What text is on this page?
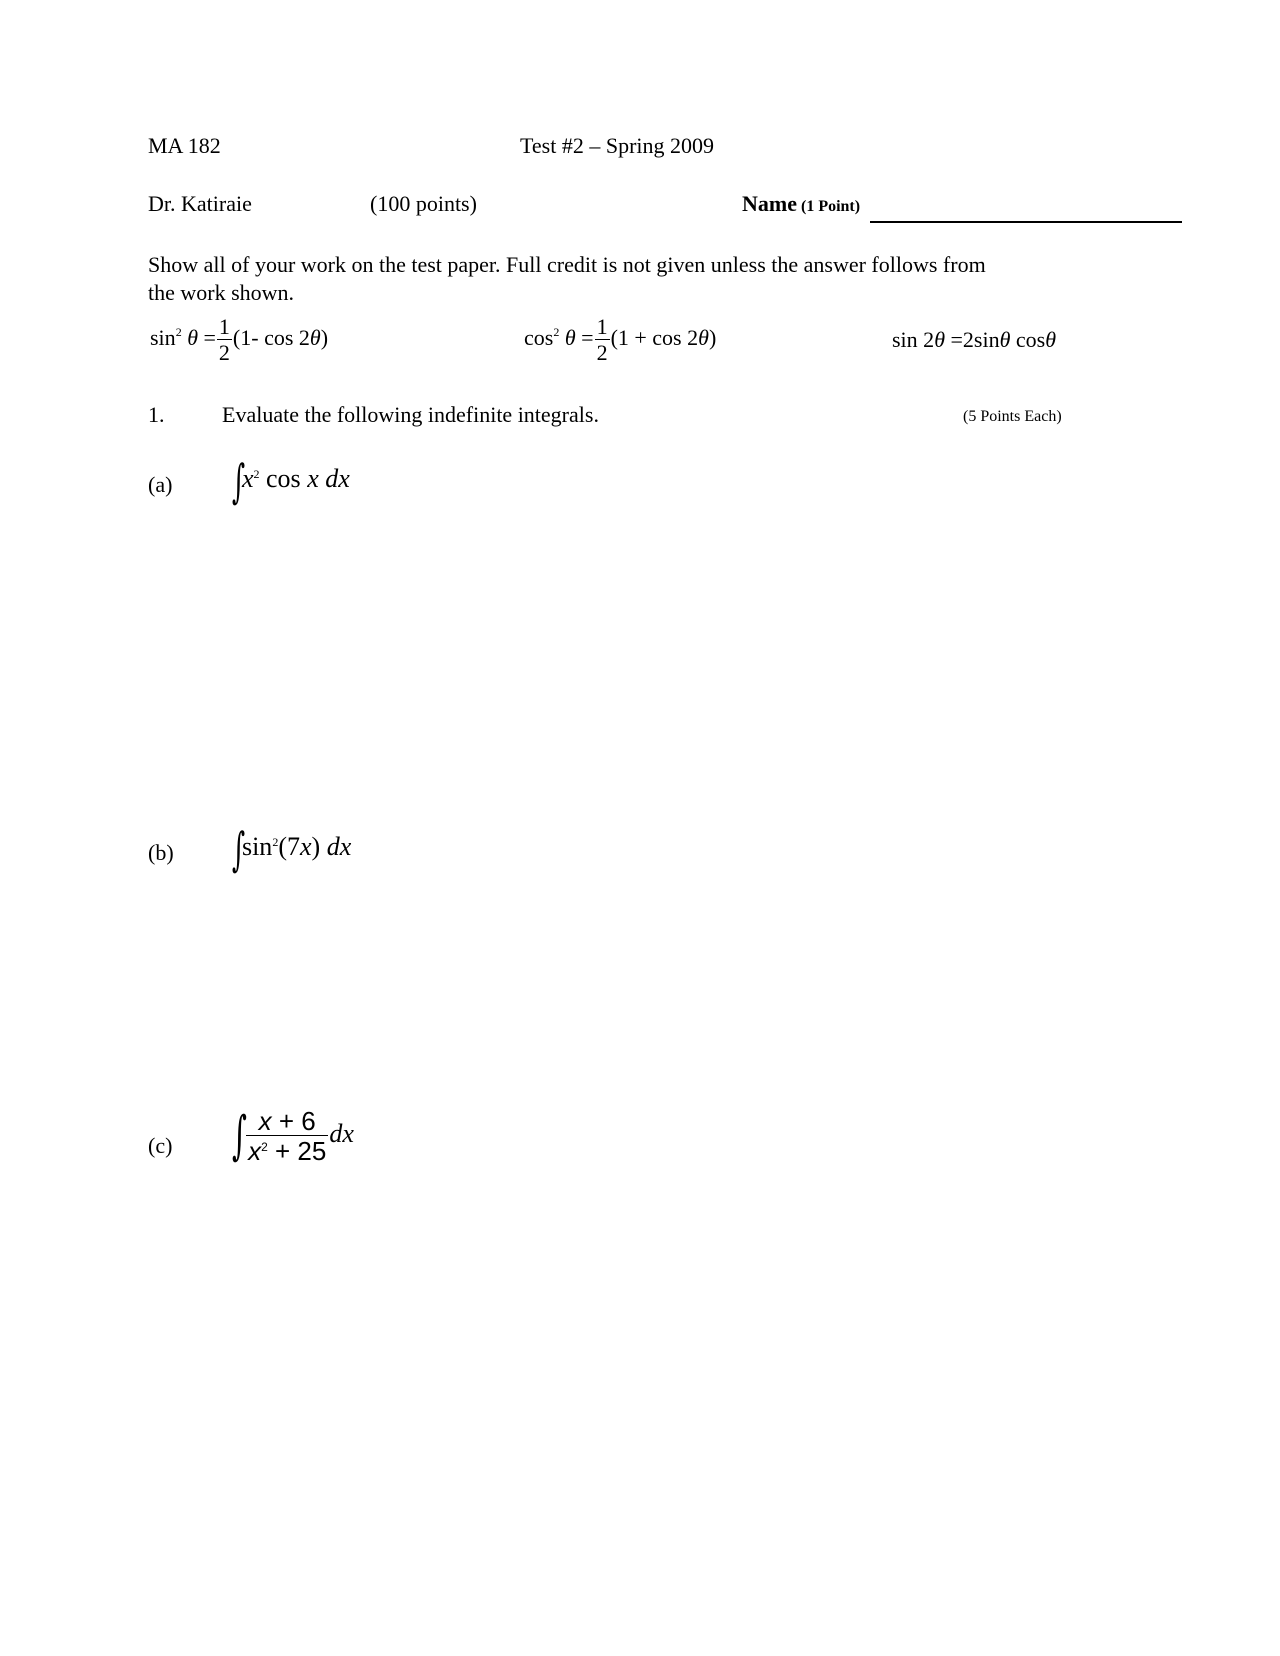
MA 182	Test #2 – Spring 2009
Dr. Katiraie	(100 points)	Name (1 Point)
Show all of your work on the test paper. Full credit is not given unless the answer follows from
the work shown.
$\sin^2 \theta = \frac{1}{2} (1-$ cos 2θ)	$\cos^2 \theta = \frac{1}{2} (1 + \cos 2\theta)$	sin 2θ =2sinθ cosθ
1.	Evaluate the following indefinite integrals.	(5 Points Each)
(a) $\int x^2$ cos x dx
(b) $\int\sin^2(7x)$ dx
(c) ∫ $\frac{x + 6}{x^2 + 25}$ dx
